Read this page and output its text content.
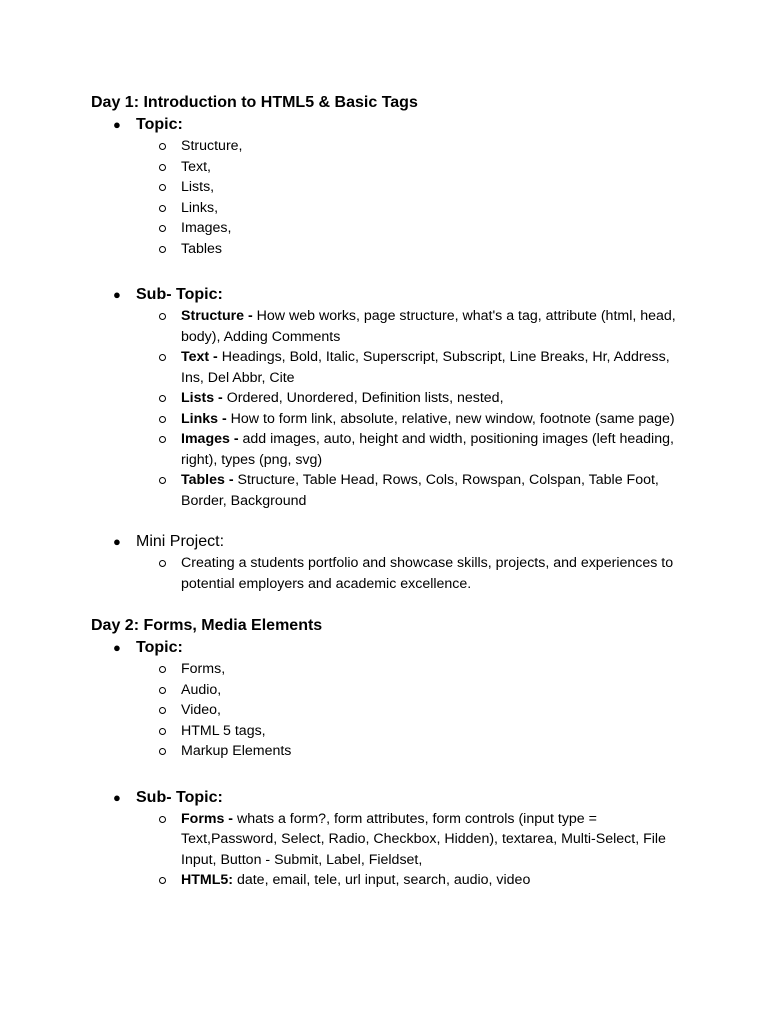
Day 1: Introduction to HTML5 & Basic Tags
● Topic:
Structure,
Text,
Lists,
Links,
Images,
Tables
● Sub- Topic:
Structure - How web works, page structure, what's a tag, attribute (html, head, body), Adding Comments
Text - Headings, Bold, Italic, Superscript, Subscript, Line Breaks, Hr, Address, Ins, Del Abbr, Cite
Lists - Ordered, Unordered, Definition lists, nested,
Links - How to form link, absolute, relative, new window, footnote (same page)
Images - add images, auto, height and width, positioning images (left heading, right), types (png, svg)
Tables - Structure, Table Head, Rows, Cols, Rowspan, Colspan, Table Foot, Border, Background
● Mini Project:
Creating a students portfolio and showcase skills, projects, and experiences to potential employers and academic excellence.
Day 2: Forms, Media Elements
● Topic:
Forms,
Audio,
Video,
HTML 5 tags,
Markup Elements
● Sub- Topic:
Forms - whats a form?, form attributes, form controls (input type = Text,Password, Select, Radio, Checkbox, Hidden), textarea, Multi-Select, File Input, Button - Submit, Label, Fieldset,
HTML5: date, email, tele, url input, search, audio, video
